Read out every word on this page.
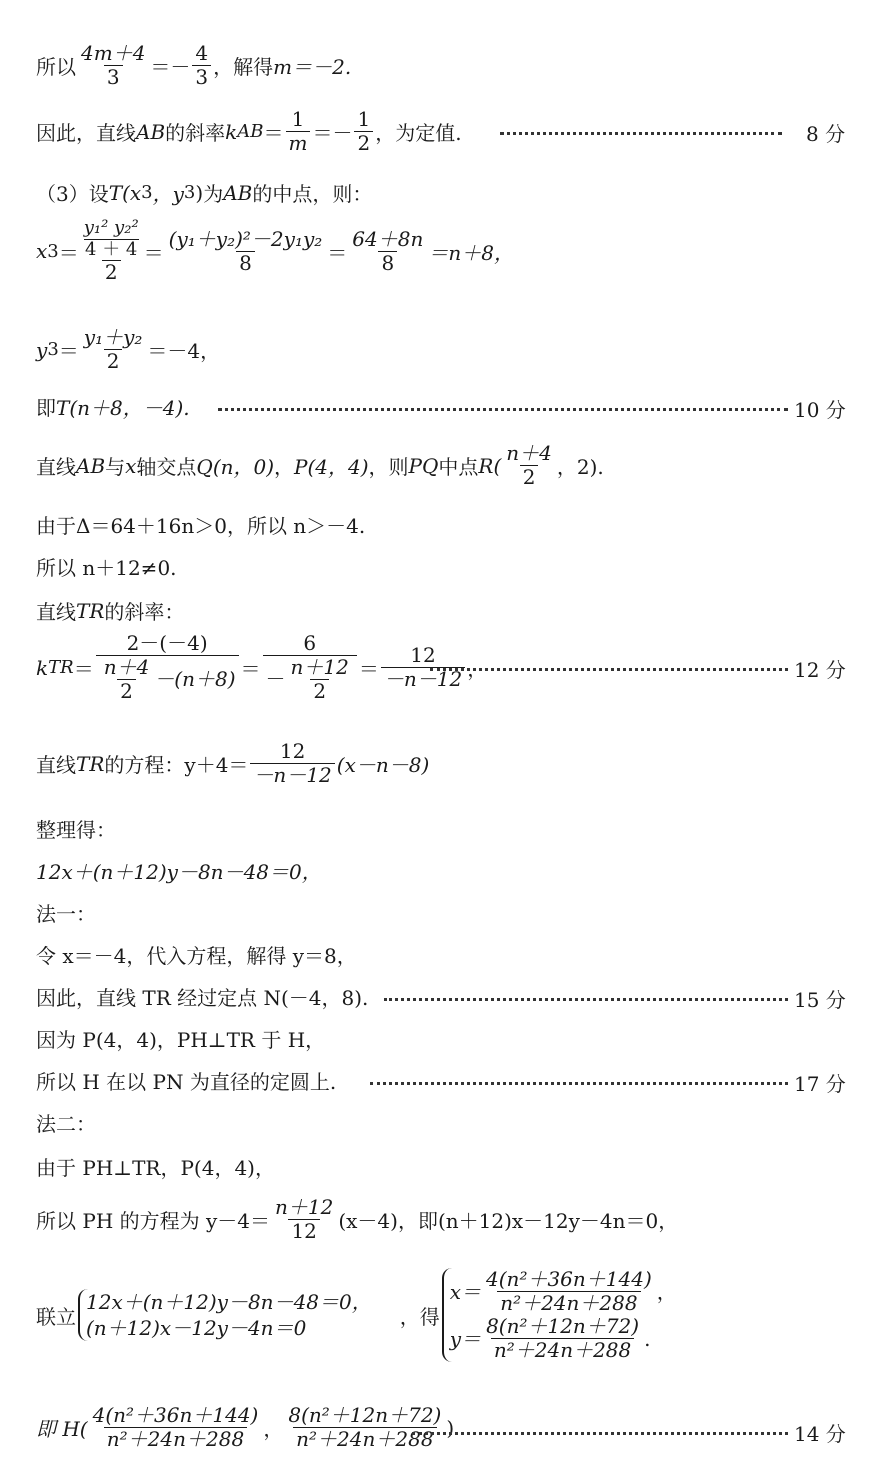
所以
4m＋4
3 ＝－
4
3 ，解得 m＝－2.
因此，直线 AB 的斜率 k AB ＝
1
m ＝－
1
2 ，为定值.	8 分
（3）设 T(x 3 ，y 3 ) 为 AB 的中点，则：
x 3 ＝
y₁² y₂²
4 ＋ 4
2
＝
(y₁＋y₂)²－2y₁y₂
8	＝
64＋8n
8 ＝n＋8，
y 3 ＝
y₁＋y₂
2 ＝－4，
即 T(n＋8，－4).	10 分
直线 AB 与 x 轴交点 Q(n，0) ， P(4，4) ，则 PQ 中点 R(
n＋4
2 ，2).
由于Δ＝64＋16n＞0，所以 n＞－4.
所以 n＋12≠0.
直线 TR 的斜率：
k TR ＝
2－(－4)
n＋4
2 －(n＋8) ＝
6
－ n＋12
2
＝
12
－n－12 ，	12 分
直线 TR 的方程：y＋4＝
12
－n－12 (x－n－8)
整理得：
12x＋(n＋12)y－8n－48＝0，
法一：
令 x＝－4，代入方程，解得 y＝8，
因此，直线 TR 经过定点 N(－4，8).	15 分
因为 P(4，4)，PH⊥TR 于 H，
所以 H 在以 PN 为直径的定圆上.	17 分
法二：
由于 PH⊥TR，P(4，4)，
所以 PH 的方程为 y－4＝
n＋12
12 (x－4)，即(n＋12)x－12y－4n＝0，
联立
12x＋(n＋12)y－8n－48＝0，
(n＋12)x－12y－4n＝0	，得
x＝
4(n²＋36n＋144)
n²＋24n＋288 ，
y＝
8(n²＋12n＋72)
n²＋24n＋288 .
即 H(
4(n²＋36n＋144)
n²＋24n＋288 ，
8(n²＋12n＋72)
n²＋24n＋288 )	14 分
